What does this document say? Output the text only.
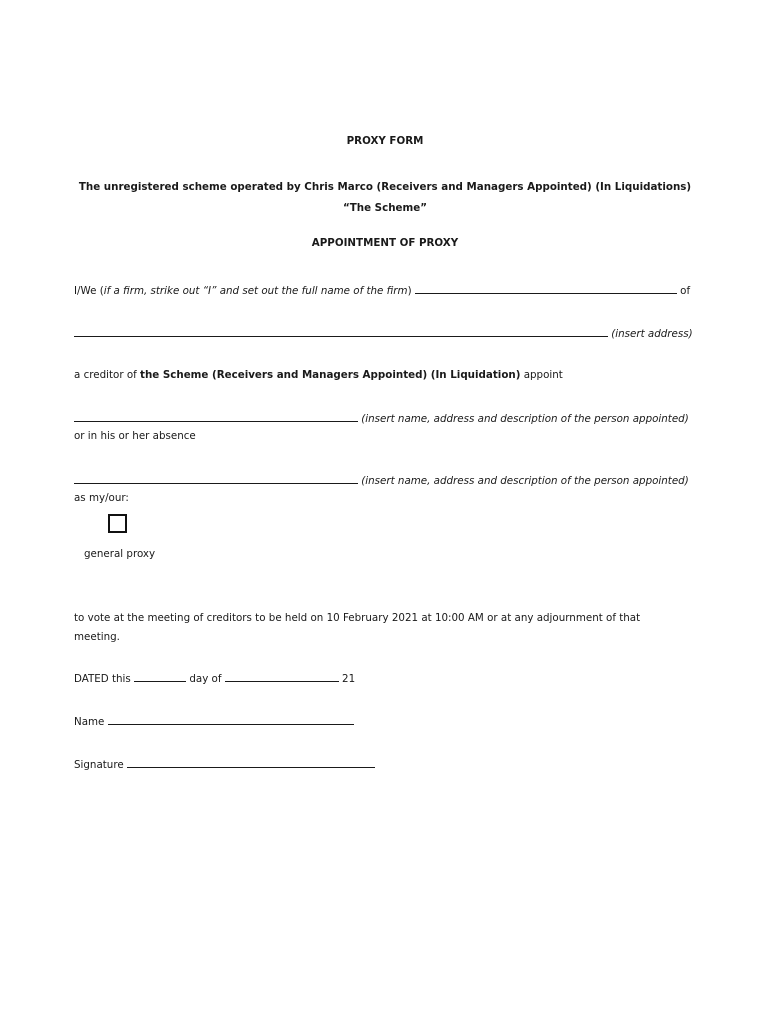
PROXY FORM
The unregistered scheme operated by Chris Marco (Receivers and Managers Appointed) (In Liquidations)
“The Scheme”
APPOINTMENT OF PROXY
I/We (if a firm, strike out “I” and set out the full name of the firm)	of
(insert address)
a creditor of the Scheme (Receivers and Managers Appointed) (In Liquidation) appoint
(insert name, address and description of the person appointed)
or in his or her absence
(insert name, address and description of the person appointed)
as my/our:
general proxy
to vote at the meeting of creditors to be held on 10 February 2021 at 10:00 AM or at any adjournment of that
meeting.
DATED this	day of	21
Name
Signature
